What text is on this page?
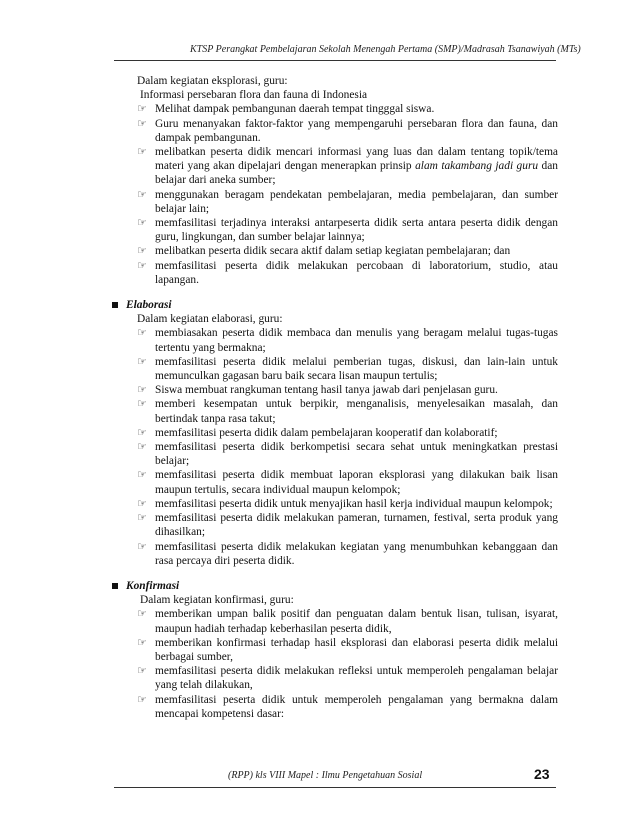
KTSP Perangkat Pembelajaran Sekolah Menengah Pertama (SMP)/Madrasah Tsanawiyah (MTs)
Dalam kegiatan eksplorasi, guru:
Informasi persebaran flora dan fauna di Indonesia
☞ Melihat dampak pembangunan daerah tempat tingggal siswa.
☞ Guru menanyakan faktor-faktor yang mempengaruhi persebaran flora dan fauna, dan dampak pembangunan.
☞ melibatkan peserta didik mencari informasi yang luas dan dalam tentang topik/tema materi yang akan dipelajari dengan menerapkan prinsip alam takambang jadi guru dan belajar dari aneka sumber;
☞ menggunakan beragam pendekatan pembelajaran, media pembelajaran, dan sumber belajar lain;
☞ memfasilitasi terjadinya interaksi antarpeserta didik serta antara peserta didik dengan guru, lingkungan, dan sumber belajar lainnya;
☞ melibatkan peserta didik secara aktif dalam setiap kegiatan pembelajaran; dan
☞ memfasilitasi peserta didik melakukan percobaan di laboratorium, studio, atau lapangan.
Elaborasi
Dalam kegiatan elaborasi, guru:
☞ membiasakan peserta didik membaca dan menulis yang beragam melalui tugas-tugas tertentu yang bermakna;
☞ memfasilitasi peserta didik melalui pemberian tugas, diskusi, dan lain-lain untuk memunculkan gagasan baru baik secara lisan maupun tertulis;
☞ Siswa membuat rangkuman tentang hasil tanya jawab dari penjelasan guru.
☞ memberi kesempatan untuk berpikir, menganalisis, menyelesaikan masalah, dan bertindak tanpa rasa takut;
☞ memfasilitasi peserta didik dalam pembelajaran kooperatif dan kolaboratif;
☞ memfasilitasi peserta didik berkompetisi secara sehat untuk meningkatkan prestasi belajar;
☞ memfasilitasi peserta didik membuat laporan eksplorasi yang dilakukan baik lisan maupun tertulis, secara individual maupun kelompok;
☞ memfasilitasi peserta didik untuk menyajikan hasil kerja individual maupun kelompok;
☞ memfasilitasi peserta didik melakukan pameran, turnamen, festival, serta produk yang dihasilkan;
☞ memfasilitasi peserta didik melakukan kegiatan yang menumbuhkan kebanggaan dan rasa percaya diri peserta didik.
Konfirmasi
Dalam kegiatan konfirmasi, guru:
☞ memberikan umpan balik positif dan penguatan dalam bentuk lisan, tulisan, isyarat, maupun hadiah terhadap keberhasilan peserta didik,
☞ memberikan konfirmasi terhadap hasil eksplorasi dan elaborasi peserta didik melalui berbagai sumber,
☞ memfasilitasi peserta didik melakukan refleksi untuk memperoleh pengalaman belajar yang telah dilakukan,
☞ memfasilitasi peserta didik untuk memperoleh pengalaman yang bermakna dalam mencapai kompetensi dasar:
(RPP) kls VIII Mapel : Ilmu Pengetahuan Sosial	23
